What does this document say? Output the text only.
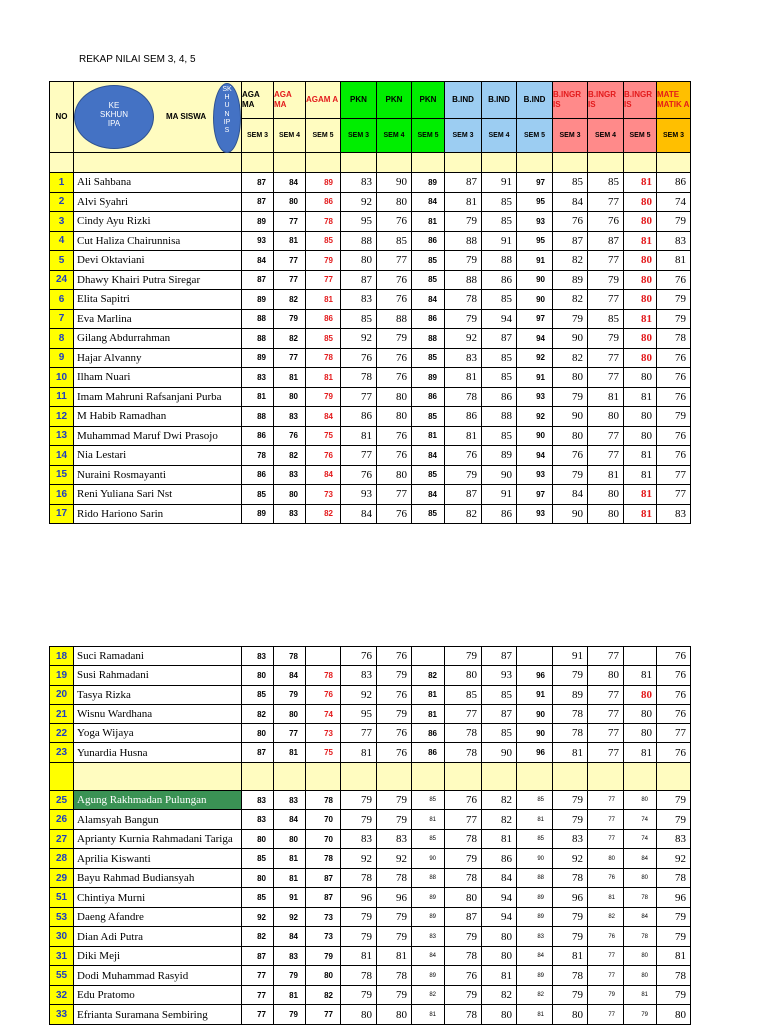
REKAP NILAI SEM 3, 4, 5
NO	MA SISWA	AGA MA	AGA MA	AGAM A	PKN	PKN	PKN	B.IND	B.IND	B.IND	B.INGR IS	B.INGR IS	B.INGR IS	MATE MATIK A
		SEM 3	SEM 4	SEM 5	SEM 3	SEM 4	SEM 5	SEM 3	SEM 4	SEM 5	SEM 3	SEM 4	SEM 5	SEM 3

1	Ali Sahbana	87	84	89	83	90	89	87	91	97	85	85	81	86
2	Alvi Syahri	87	80	86	92	80	84	81	85	95	84	77	80	74
3	Cindy Ayu Rizki	89	77	78	95	76	81	79	85	93	76	76	80	79
4	Cut Haliza Chairunnisa	93	81	85	88	85	86	88	91	95	87	87	81	83
5	Devi Oktaviani	84	77	79	80	77	85	79	88	91	82	77	80	81
24	Dhawy Khairi Putra Siregar	87	77	77	87	76	85	88	86	90	89	79	80	76
6	Elita Sapitri	89	82	81	83	76	84	78	85	90	82	77	80	79
7	Eva Marlina	88	79	86	85	88	86	79	94	97	79	85	81	79
8	Gilang Abdurrahman	88	82	85	92	79	88	92	87	94	90	79	80	78
9	Hajar Alvanny	89	77	78	76	76	85	83	85	92	82	77	80	76
10	Ilham Nuari	83	81	81	78	76	89	81	85	91	80	77	80	76
11	Imam Mahruni Rafsanjani Purba	81	80	79	77	80	86	78	86	93	79	81	81	76
12	M Habib Ramadhan	88	83	84	86	80	85	86	88	92	90	80	80	79
13	Muhammad Maruf Dwi Prasojo	86	76	75	81	76	81	81	85	90	80	77	80	76
14	Nia Lestari	78	82	76	77	76	84	76	89	94	76	77	81	76
15	Nuraini Rosmayanti	86	83	84	76	80	85	79	90	93	79	81	81	77
16	Reni Yuliana Sari Nst	85	80	73	93	77	84	87	91	97	84	80	81	77
17	Rido Hariono Sarin	89	83	82	84	76	85	82	86	93	90	80	81	83
KE
SKHUN
IPA
SK
H
U
N
IP
S
18	Suci Ramadani	83	78		76	76		79	87		91	77		76
19	Susi Rahmadani	80	84	78	83	79	82	80	93	96	79	80	81	76
20	Tasya Rizka	85	79	76	92	76	81	85	85	91	89	77	80	76
21	Wisnu Wardhana	82	80	74	95	79	81	77	87	90	78	77	80	76
22	Yoga Wijaya	80	77	73	77	76	86	78	85	90	78	77	80	77
23	Yunardia Husna	87	81	75	81	76	86	78	90	96	81	77	81	76

25	Agung Rakhmadan Pulungan	83	83	78	79	79	85	76	82	85	79	77	80	79
26	Alamsyah Bangun	83	84	70	79	79	81	77	82	81	79	77	74	79
27	Aprianty Kurnia Rahmadani Tariga	80	80	70	83	83	85	78	81	85	83	77	74	83
28	Aprilia Kiswanti	85	81	78	92	92	90	79	86	90	92	80	84	92
29	Bayu Rahmad Budiansyah	80	81	87	78	78	88	78	84	88	78	76	80	78
51	Chintiya Murni	85	91	87	96	96	89	80	94	89	96	81	78	96
53	Daeng Afandre	92	92	73	79	79	89	87	94	89	79	82	84	79
30	Dian Adi Putra	82	84	73	79	79	83	79	80	83	79	76	78	79
31	Diki Meji	87	83	79	81	81	84	78	80	84	81	77	80	81
55	Dodi Muhammad Rasyid	77	79	80	78	78	89	76	81	89	78	77	80	78
32	Edu Pratomo	77	81	82	79	79	82	79	82	82	79	79	81	79
33	Efrianta Suramana Sembiring	77	79	77	80	80	81	78	80	81	80	77	79	80
